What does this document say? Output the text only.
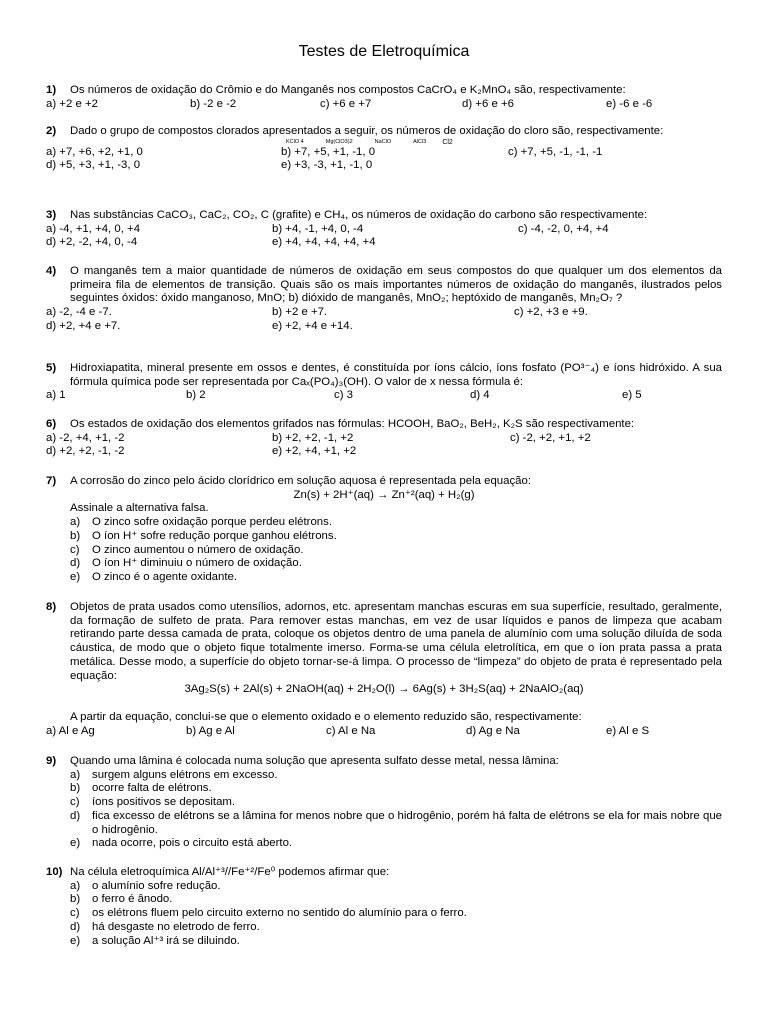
Testes de Eletroquímica
1)	Os números de oxidação do Crômio e do Manganês nos compostos CaCrO₄ e K₂MnO₄ são, respectivamente:
a) +2 e +2	b) -2 e -2	c) +6 e +7	d) +6 e +6	e) -6 e -6
2)	Dado o grupo de compostos clorados apresentados a seguir, os números de oxidação do cloro são, respectivamente:
KClO 4	Mg(ClO3)2	NaClO	AlCl3 Cl2
a) +7, +6, +2, +1, 0	b) +7, +5, +1, -1, 0	c) +7, +5, -1, -1, -1
d) +5, +3, +1, -3, 0	e) +3, -3, +1, -1, 0
3)	Nas substâncias CaCO₃, CaC₂, CO₂, C (grafite) e CH₄, os números de oxidação do carbono são respectivamente:
a) -4, +1, +4, 0, +4	b) +4, -1, +4, 0, -4	c) -4, -2, 0, +4, +4
d) +2, -2, +4, 0, -4	e) +4, +4, +4, +4, +4
4)	O manganês tem a maior quantidade de números de oxidação em seus compostos do que qualquer um dos elementos da primeira fila de elementos de transição. Quais são os mais importantes números de oxidação do manganês, ilustrados pelos seguintes óxidos: óxido manganoso, MnO; b) dióxido de manganês, MnO₂; heptóxido de manganês, Mn₂O₇ ?
a) -2, -4 e -7.	b) +2 e +7.	c) +2, +3 e +9.
d) +2, +4 e +7.	e) +2, +4 e +14.
5)	Hidroxiapatita, mineral presente em ossos e dentes, é constituída por íons cálcio, íons fosfato (PO³⁻₄) e íons hidróxido. A sua fórmula química pode ser representada por Caₓ(PO₄)₃(OH). O valor de x nessa fórmula é:
a) 1	b) 2	c) 3	d) 4	e) 5
6)	Os estados de oxidação dos elementos grifados nas fórmulas: HCOOH, BaO₂, BeH₂, K₂S são respectivamente:
a) -2, +4, +1, -2	b) +2, +2, -1, +2	c) -2, +2, +1, +2
d) +2, +2, -1, -2	e) +2, +4, +1, +2
7)	A corrosão do zinco pelo ácido clorídrico em solução aquosa é representada pela equação:
Zn(s) + 2H⁺(aq) → Zn⁺²(aq) + H₂(g)
Assinale a alternativa falsa.
a)	O zinco sofre oxidação porque perdeu elétrons.
b)	O íon H⁺ sofre redução porque ganhou elétrons.
c)	O zinco aumentou o número de oxidação.
d)	O íon H⁺ diminuiu o número de oxidação.
e)	O zinco é o agente oxidante.
8)	Objetos de prata usados como utensílios, adornos, etc. apresentam manchas escuras em sua superfície, resultado, geralmente, da formação de sulfeto de prata. Para remover estas manchas, em vez de usar líquidos e panos de limpeza que acabam retirando parte dessa camada de prata, coloque os objetos dentro de uma panela de alumínio com uma solução diluída de soda cáustica, de modo que o objeto fique totalmente imerso. Forma-se uma célula eletrolítica, em que o íon prata passa a prata metálica. Desse modo, a superfície do objeto tornar-se-á limpa. O processo de “limpeza” do objeto de prata é representado pela equação:
3Ag₂S(s) + 2Al(s) + 2NaOH(aq) + 2H₂O(l) → 6Ag(s) + 3H₂S(aq) + 2NaAlO₂(aq)
A partir da equação, conclui-se que o elemento oxidado e o elemento reduzido são, respectivamente:
a) Al e Ag	b) Ag e Al	c) Al e Na	d) Ag e Na	e) Al e S
9)	Quando uma lâmina é colocada numa solução que apresenta sulfato desse metal, nessa lâmina:
a)	surgem alguns elétrons em excesso.
b)	ocorre falta de elétrons.
c)	íons positivos se depositam.
d)	fica excesso de elétrons se a lâmina for menos nobre que o hidrogênio, porém há falta de elétrons se ela for mais nobre que o hidrogênio.
e)	nada ocorre, pois o circuito está aberto.
10) Na célula eletroquímica Al/Al⁺³//Fe⁺²/Fe⁰ podemos afirmar que:
a)	o alumínio sofre redução.
b)	o ferro é ânodo.
c)	os elétrons fluem pelo circuito externo no sentido do alumínio para o ferro.
d)	há desgaste no eletrodo de ferro.
e)	a solução Al⁺³ irá se diluindo.
